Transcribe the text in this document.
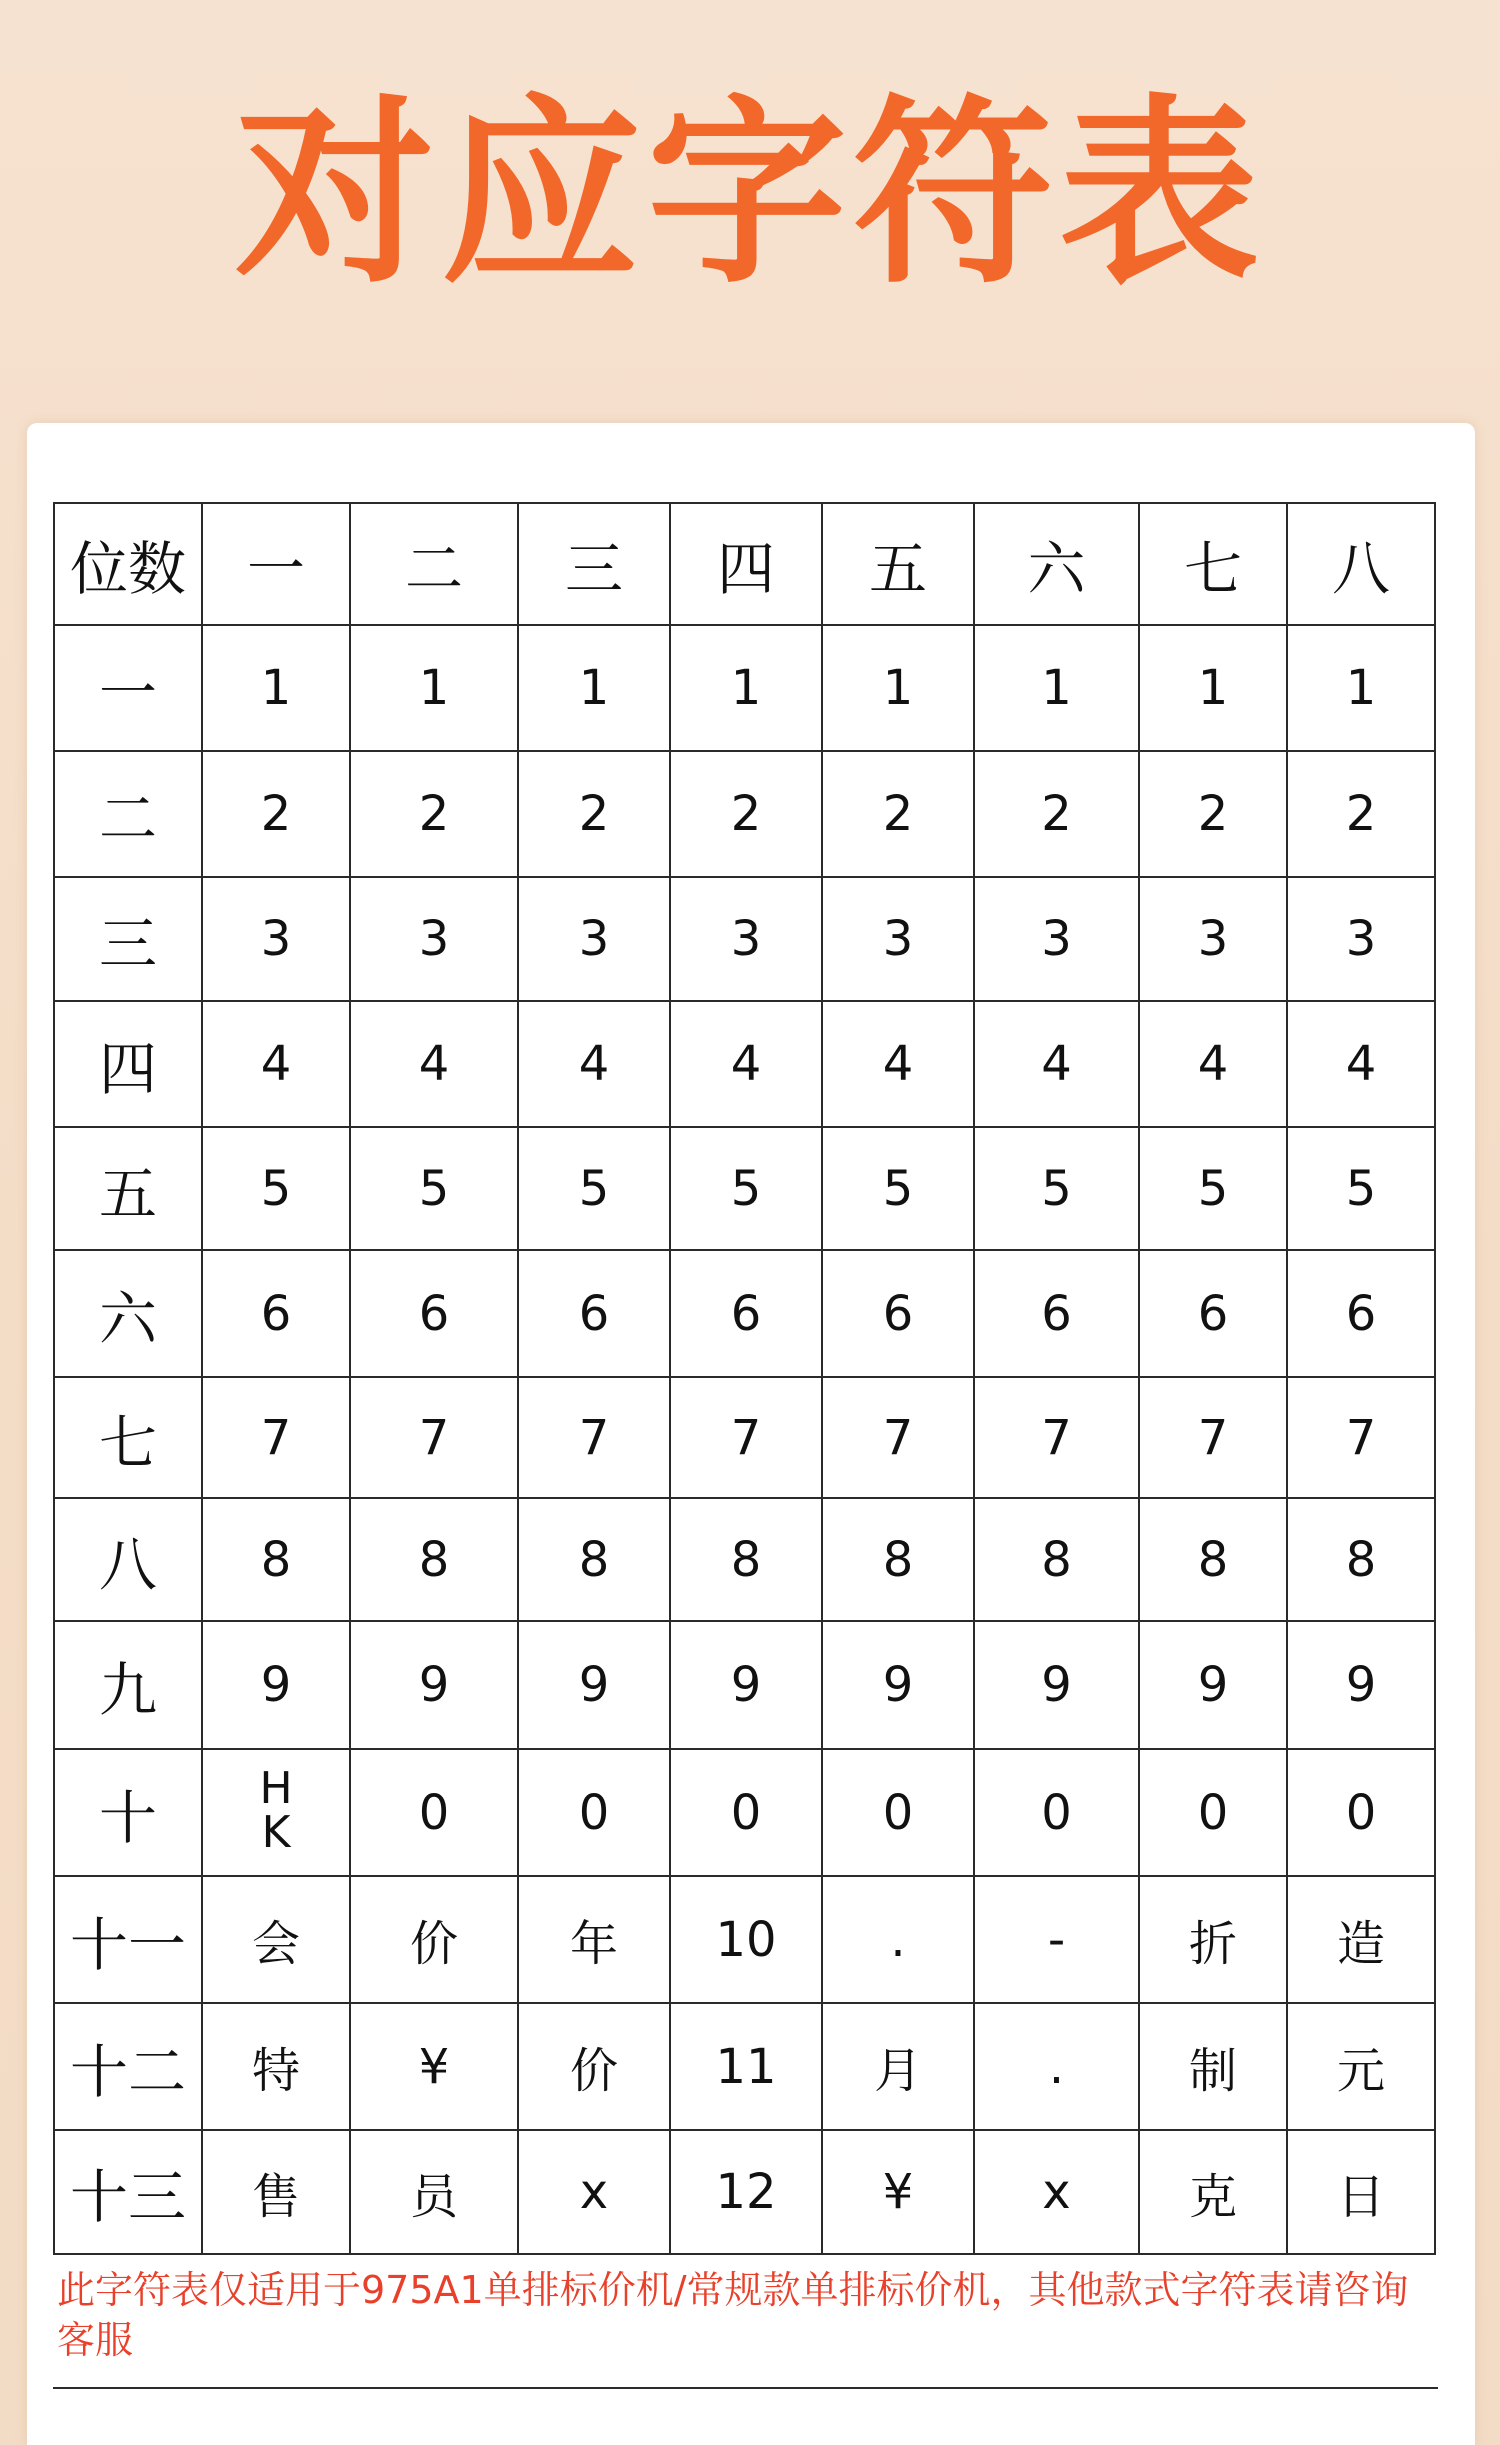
对应字符表
位数	一	二	三	四	五	六	七	八
一	1	1	1	1	1	1	1	1
二	2	2	2	2	2	2	2	2
三	3	3	3	3	3	3	3	3
四	4	4	4	4	4	4	4	4
五	5	5	5	5	5	5	5	5
六	6	6	6	6	6	6	6	6
七	7	7	7	7	7	7	7	7
八	8	8	8	8	8	8	8	8
九	9	9	9	9	9	9	9	9
十	HK	0	0	0	0	0	0	0
十一	会	价	年	10	.	-	折	造
十二	特	¥	价	11	月	.	制	元
十三	售	员	x	12	¥	x	克	日
此字符表仅适用于975A1单排标价机/常规款单排标价机，其他款式字符表请咨询客服
